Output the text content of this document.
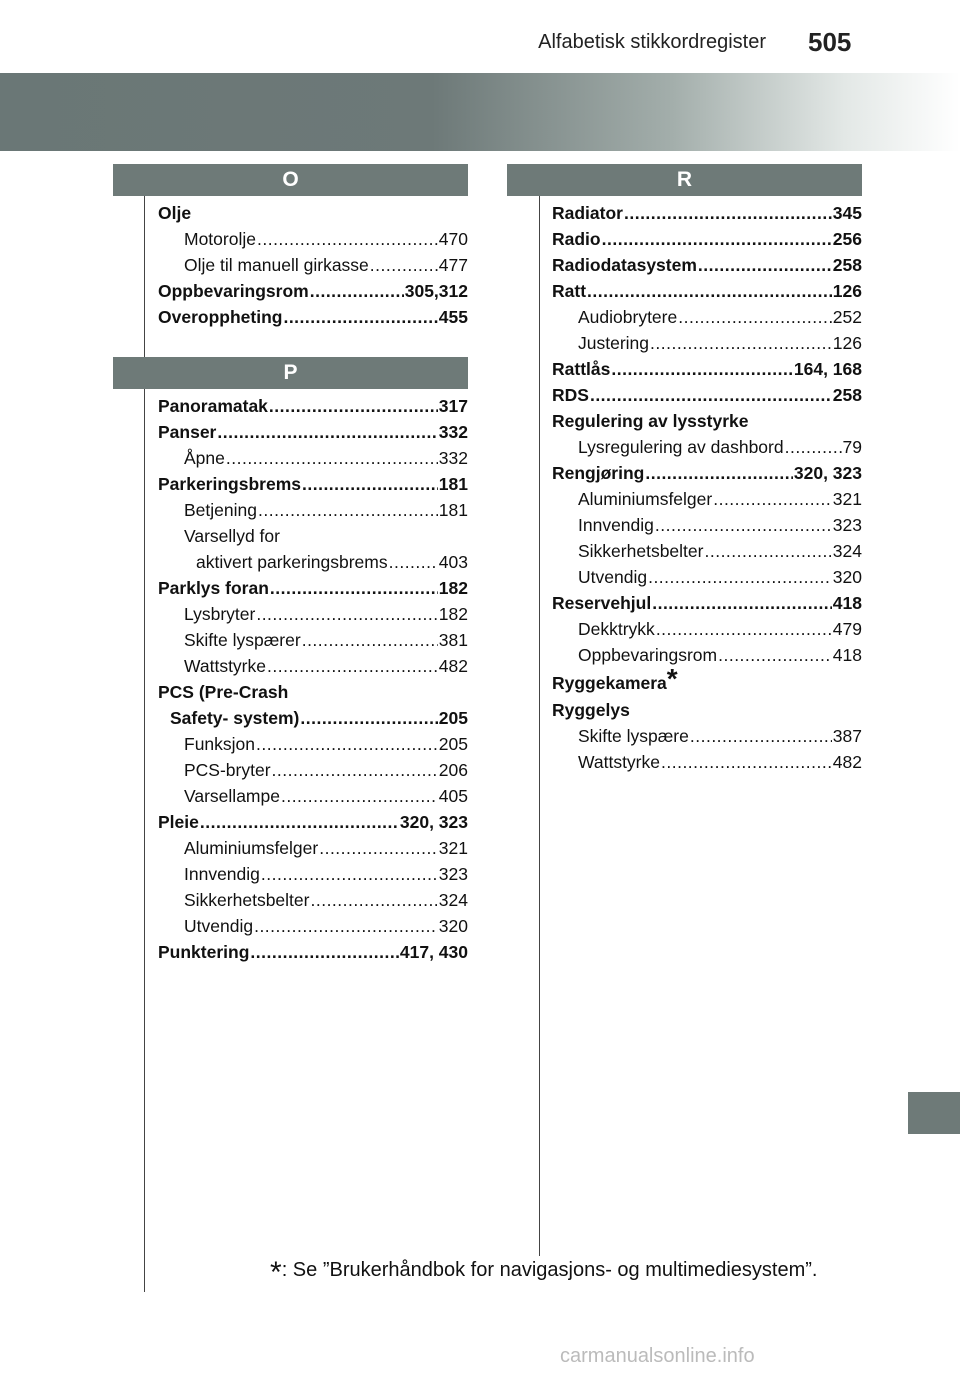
Alfabetisk stikkordregister 505
O
P
R
Olje
Motorolje .....	470
Olje til manuell girkasse .....	477
Oppbevaringsrom .....	305,312
Overoppheting .....	455
Panoramatak .....	317
Panser .....	332
Åpne .....	332
Parkeringsbrems .....	181
Betjening .....	181
Varsellyd for
aktivert parkeringsbrems .....	403
Parklys foran .....	182
Lysbryter .....	182
Skifte lyspærer .....	381
Wattstyrke .....	482
PCS (Pre-Crash
Safety- system) .....	205
Funksjon .....	205
PCS-bryter .....	206
Varsellampe .....	405
Pleie .....	320, 323
Aluminiumsfelger .....	321
Innvendig .....	323
Sikkerhetsbelter .....	324
Utvendig .....	320
Punktering .....	417, 430
Radiator .....	345
Radio .....	256
Radiodatasystem .....	258
Ratt .....	126
Audiobrytere .....	252
Justering .....	126
Rattlås .....	164, 168
RDS .....	258
Regulering av lysstyrke
Lysregulering av dashbord .....	79
Rengjøring .....	320, 323
Aluminiumsfelger .....	321
Innvendig .....	323
Sikkerhetsbelter .....	324
Utvendig .....	320
Reservehjul .....	418
Dekktrykk .....	479
Oppbevaringsrom .....	418
Ryggekamera*
Ryggelys
Skifte lyspære .....	387
Wattstyrke .....	482
*: Se ”Brukerhåndbok for navigasjons- og multimediesystem”.
carmanualsonline.info
